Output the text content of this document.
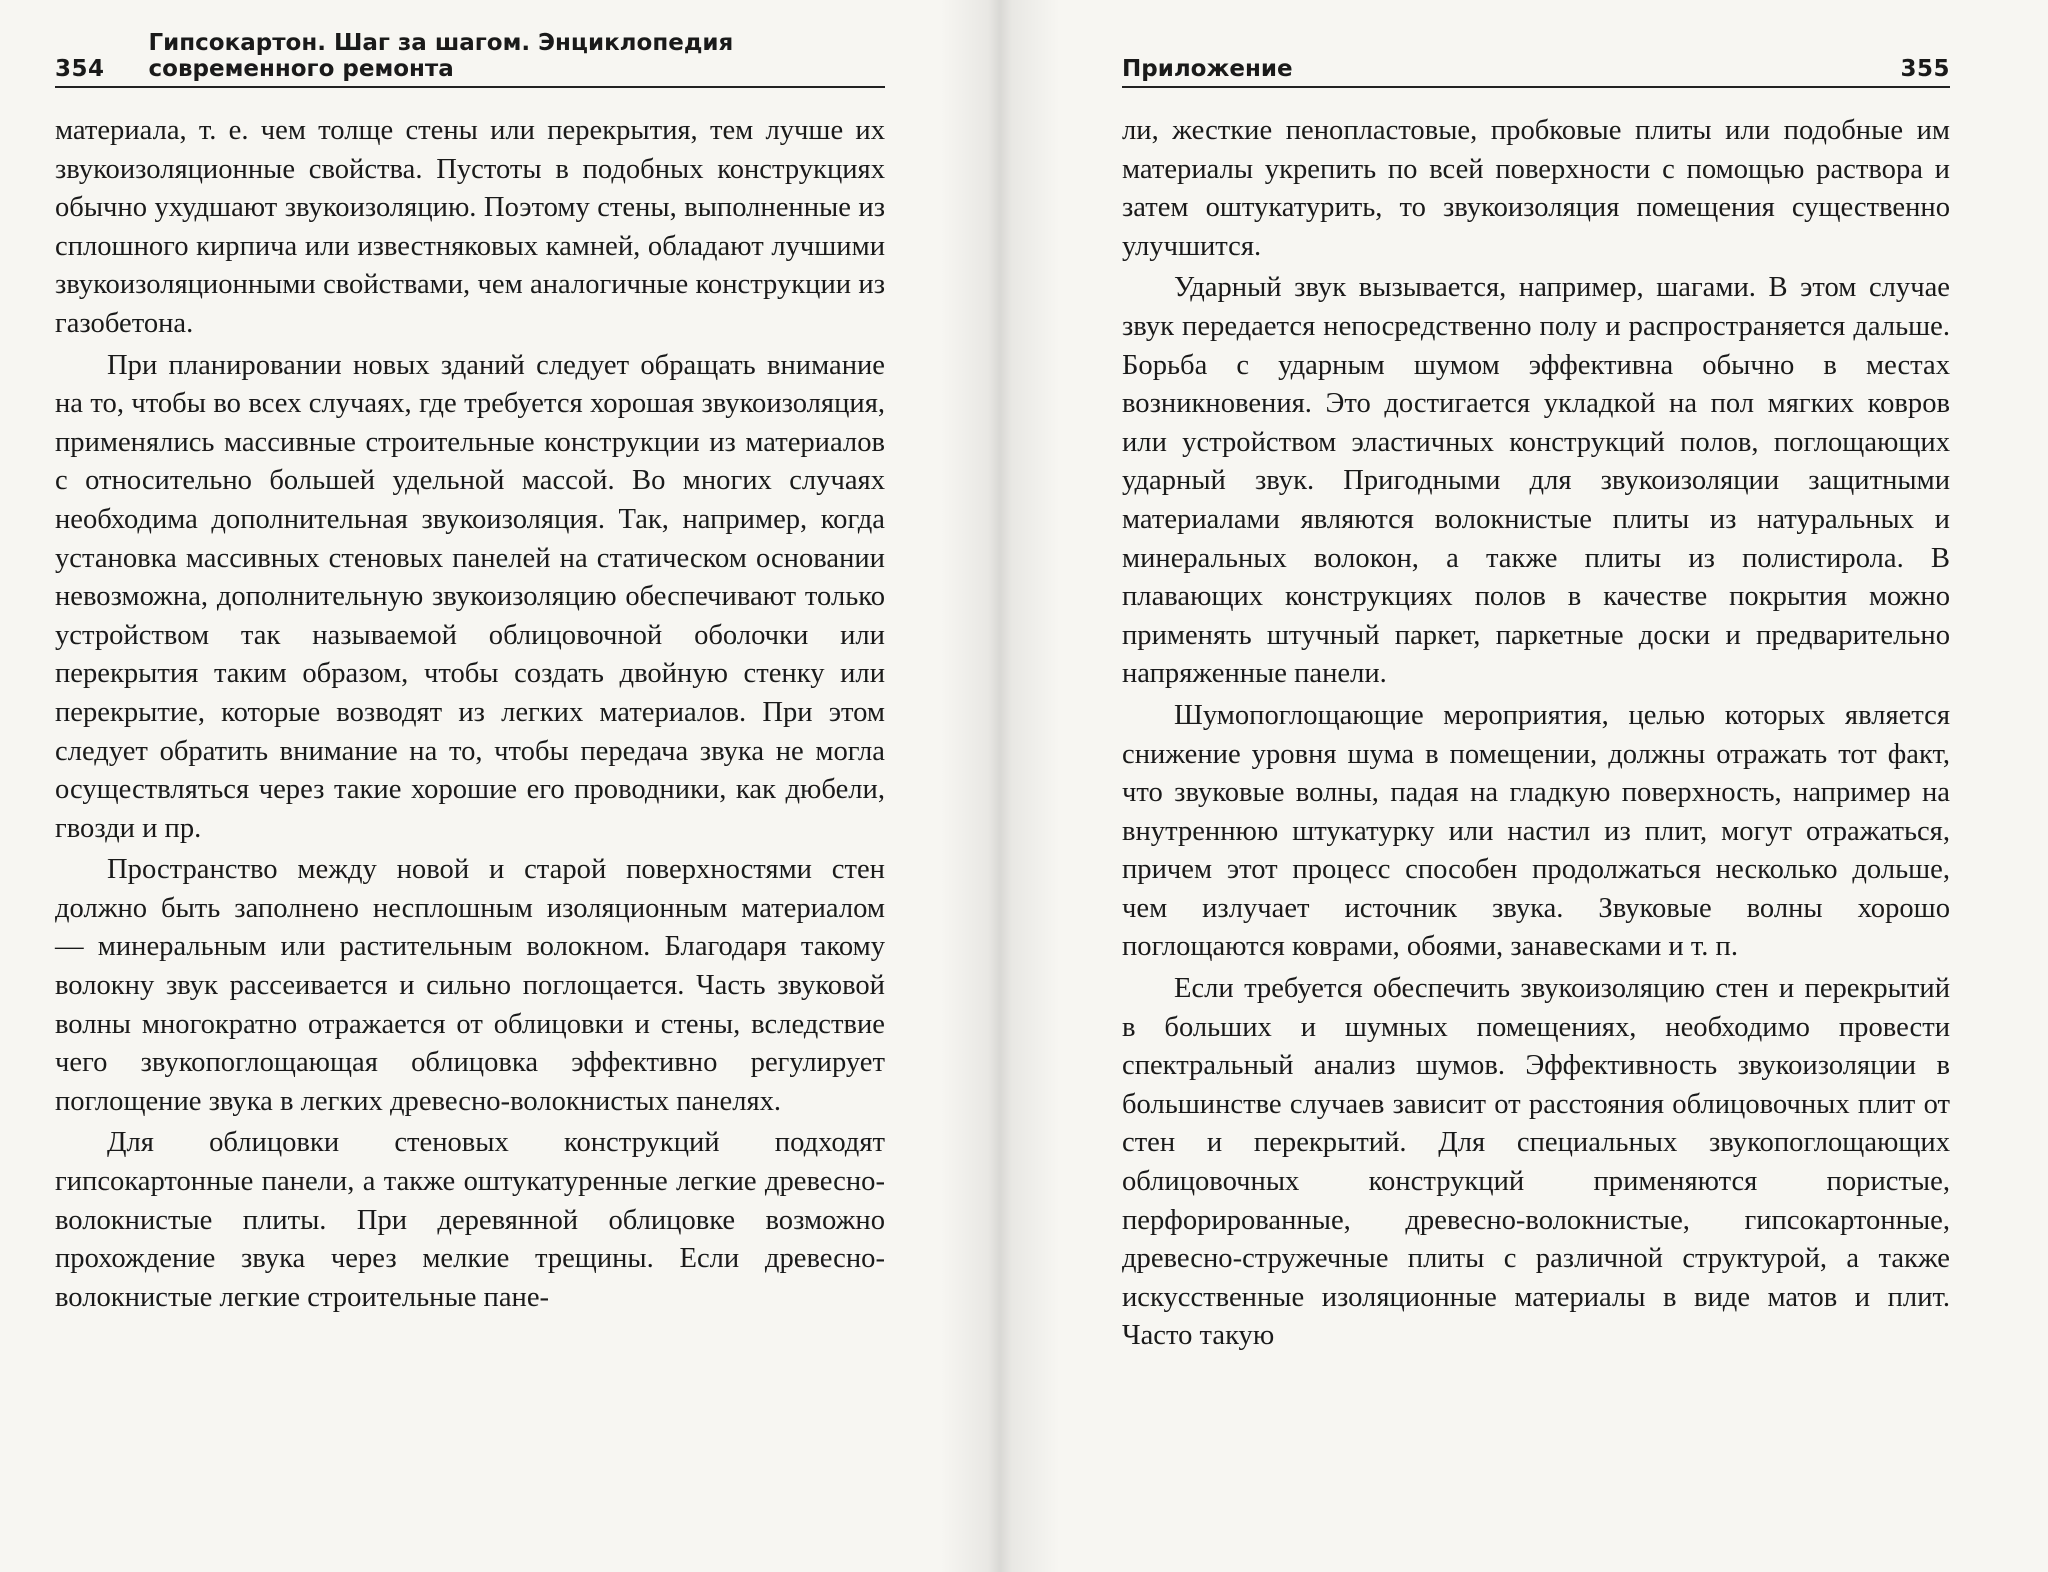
354
Гипсокартон. Шаг за шагом. Энциклопедия современного ремонта

материала, т. е. чем толще стены или перекрытия, тем лучше их звукоизоляционные свойства. Пустоты в подобных конструкциях обычно ухудшают звукоизоляцию. Поэтому стены, выполненные из сплошного кирпича или известняковых камней, обладают лучшими звукоизоляционными свойствами, чем аналогичные конструкции из газобетона.

При планировании новых зданий следует обращать внимание на то, чтобы во всех случаях, где требуется хорошая звукоизоляция, применялись массивные строительные конструкции из материалов с относительно большей удельной массой. Во многих случаях необходима дополнительная звукоизоляция. Так, например, когда установка массивных стеновых панелей на статическом основании невозможна, дополнительную звукоизоляцию обеспечивают только устройством так называемой облицовочной оболочки или перекрытия таким образом, чтобы создать двойную стенку или перекрытие, которые возводят из легких материалов. При этом следует обратить внимание на то, чтобы передача звука не могла осуществляться через такие хорошие его проводники, как дюбели, гвозди и пр.

Пространство между новой и старой поверхностями стен должно быть заполнено несплошным изоляционным материалом — минеральным или растительным волокном. Благодаря такому волокну звук рассеивается и сильно поглощается. Часть звуковой волны многократно отражается от облицовки и стены, вследствие чего звукопоглощающая облицовка эффективно регулирует поглощение звука в легких древесно-волокнистых панелях.

Для облицовки стеновых конструкций подходят гипсокартонные панели, а также оштукатуренные легкие древесно-волокнистые плиты. При деревянной облицовке возможно прохождение звука через мелкие трещины. Если древесно-волокнистые легкие строительные пане-

Приложение	355

ли, жесткие пенопластовые, пробковые плиты или подобные им материалы укрепить по всей поверхности с помощью раствора и затем оштукатурить, то звукоизоляция помещения существенно улучшится.

Ударный звук вызывается, например, шагами. В этом случае звук передается непосредственно полу и распространяется дальше. Борьба с ударным шумом эффективна обычно в местах возникновения. Это достигается укладкой на пол мягких ковров или устройством эластичных конструкций полов, поглощающих ударный звук. Пригодными для звукоизоляции защитными материалами являются волокнистые плиты из натуральных и минеральных волокон, а также плиты из полистирола. В плавающих конструкциях полов в качестве покрытия можно применять штучный паркет, паркетные доски и предварительно напряженные панели.

Шумопоглощающие мероприятия, целью которых является снижение уровня шума в помещении, должны отражать тот факт, что звуковые волны, падая на гладкую поверхность, например на внутреннюю штукатурку или настил из плит, могут отражаться, причем этот процесс способен продолжаться несколько дольше, чем излучает источник звука. Звуковые волны хорошо поглощаются коврами, обоями, занавесками и т. п.

Если требуется обеспечить звукоизоляцию стен и перекрытий в больших и шумных помещениях, необходимо провести спектральный анализ шумов. Эффективность звукоизоляции в большинстве случаев зависит от расстояния облицовочных плит от стен и перекрытий. Для специальных звукопоглощающих облицовочных конструкций применяются пористые, перфорированные, древесно-волокнистые, гипсокартонные, древесно-стружечные плиты с различной структурой, а также искусственные изоляционные материалы в виде матов и плит. Часто такую
